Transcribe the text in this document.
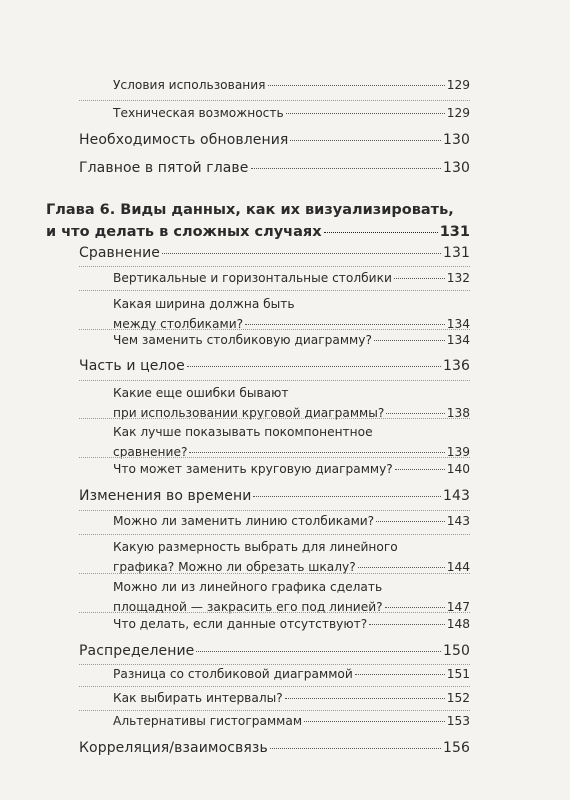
Условия использования	129
Техническая возможность	129
Необходимость обновления	130
Главное в пятой главе	130
Глава 6. Виды данных, как их визуализировать,
и что делать в сложных случаях	131
Сравнение	131
Вертикальные и горизонтальные столбики	132
Какая ширина должна быть
между столбиками?	134
Чем заменить столбиковую диаграмму?	134
Часть и целое	136
Какие еще ошибки бывают
при использовании круговой диаграммы?	138
Как лучше показывать покомпонентное
сравнение?	139
Что может заменить круговую диаграмму?	140
Изменения во времени	143
Можно ли заменить линию столбиками?	143
Какую размерность выбрать для линейного
графика? Можно ли обрезать шкалу?	144
Можно ли из линейного графика сделать
площадной — закрасить его под линией?	147
Что делать, если данные отсутствуют?	148
Распределение	150
Разница со столбиковой диаграммой	151
Как выбирать интервалы?	152
Альтернативы гистограммам	153
Корреляция/взаимосвязь	156
